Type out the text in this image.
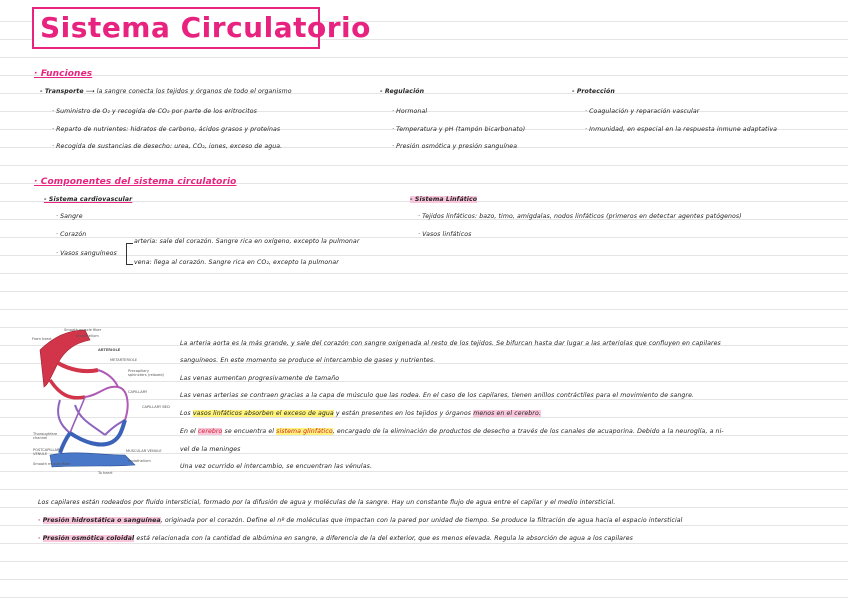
Sistema Circulatorio
· Funciones
- Transporte ⟶ la sangre conecta los tejidos y órganos de todo el organismo
· Suministro de O₂ y recogida de CO₂ por parte de los eritrocitos
· Reparto de nutrientes: hidratos de carbono, ácidos grasos y proteínas
· Recogida de sustancias de desecho: urea, CO₂, iones, exceso de agua.
- Regulación
· Hormonal
· Temperatura y pH (tampón bicarbonato)
· Presión osmótica y presión sanguínea
- Protección
· Coagulación y reparación vascular
· Inmunidad, en especial en la respuesta inmune adaptativa
· Componentes del sistema circulatorio
- Sistema cardiovascular
· Sangre
· Corazón
· Vasos sanguíneos
arteria: sale del corazón. Sangre rica en oxígeno, excepto la pulmonar
vena: llega al corazón. Sangre rica en CO₂, excepto la pulmonar
- Sistema Linfático
· Tejidos linfáticos: bazo, timo, amígdalas, nodos linfáticos (primeros en detectar agentes patógenos)
· Vasos linfáticos
Smooth muscle fiber
Endothelium
ARTERIOLE
METARTERIOLE
Precapillary sphincters (relaxed)
CAPILLARY
CAPILLARY BED
Thoroughfare channel
POSTCAPILLARY VENULE
MUSCULAR VENULE
Smooth muscle fiber
Endothelium
To heart
From heart
La arteria aorta es la más grande, y sale del corazón con sangre oxigenada al resto de los tejidos. Se bifurcan hasta dar lugar a las arteriolas que confluyen en capilares
sanguíneos. En este momento se produce el intercambio de gases y nutrientes.
Las venas aumentan progresivamente de tamaño
Las venas arterias se contraen gracias a la capa de músculo que las rodea. En el caso de los capilares, tienen anillos contráctiles para el movimiento de sangre.
Los vasos linfáticos absorben el exceso de agua y están presentes en los tejidos y órganos menos en el cerebro.
En el cerebro se encuentra el sistema glinfático, encargado de la eliminación de productos de desecho a través de los canales de acuaporina. Debido a la neuroglía, a ni-
vel de la meninges
Una vez ocurrido el intercambio, se encuentran las vénulas.
Los capilares están rodeados por fluido intersticial, formado por la difusión de agua y moléculas de la sangre. Hay un constante flujo de agua entre el capilar y el medio intersticial.
· Presión hidrostática o sanguínea, originada por el corazón. Define el nº de moléculas que impactan con la pared por unidad de tiempo. Se produce la filtración de agua hacia el espacio intersticial
· Presión osmótica coloidal está relacionada con la cantidad de albúmina en sangre, a diferencia de la del exterior, que es menos elevada. Regula la absorción de agua a los capilares
